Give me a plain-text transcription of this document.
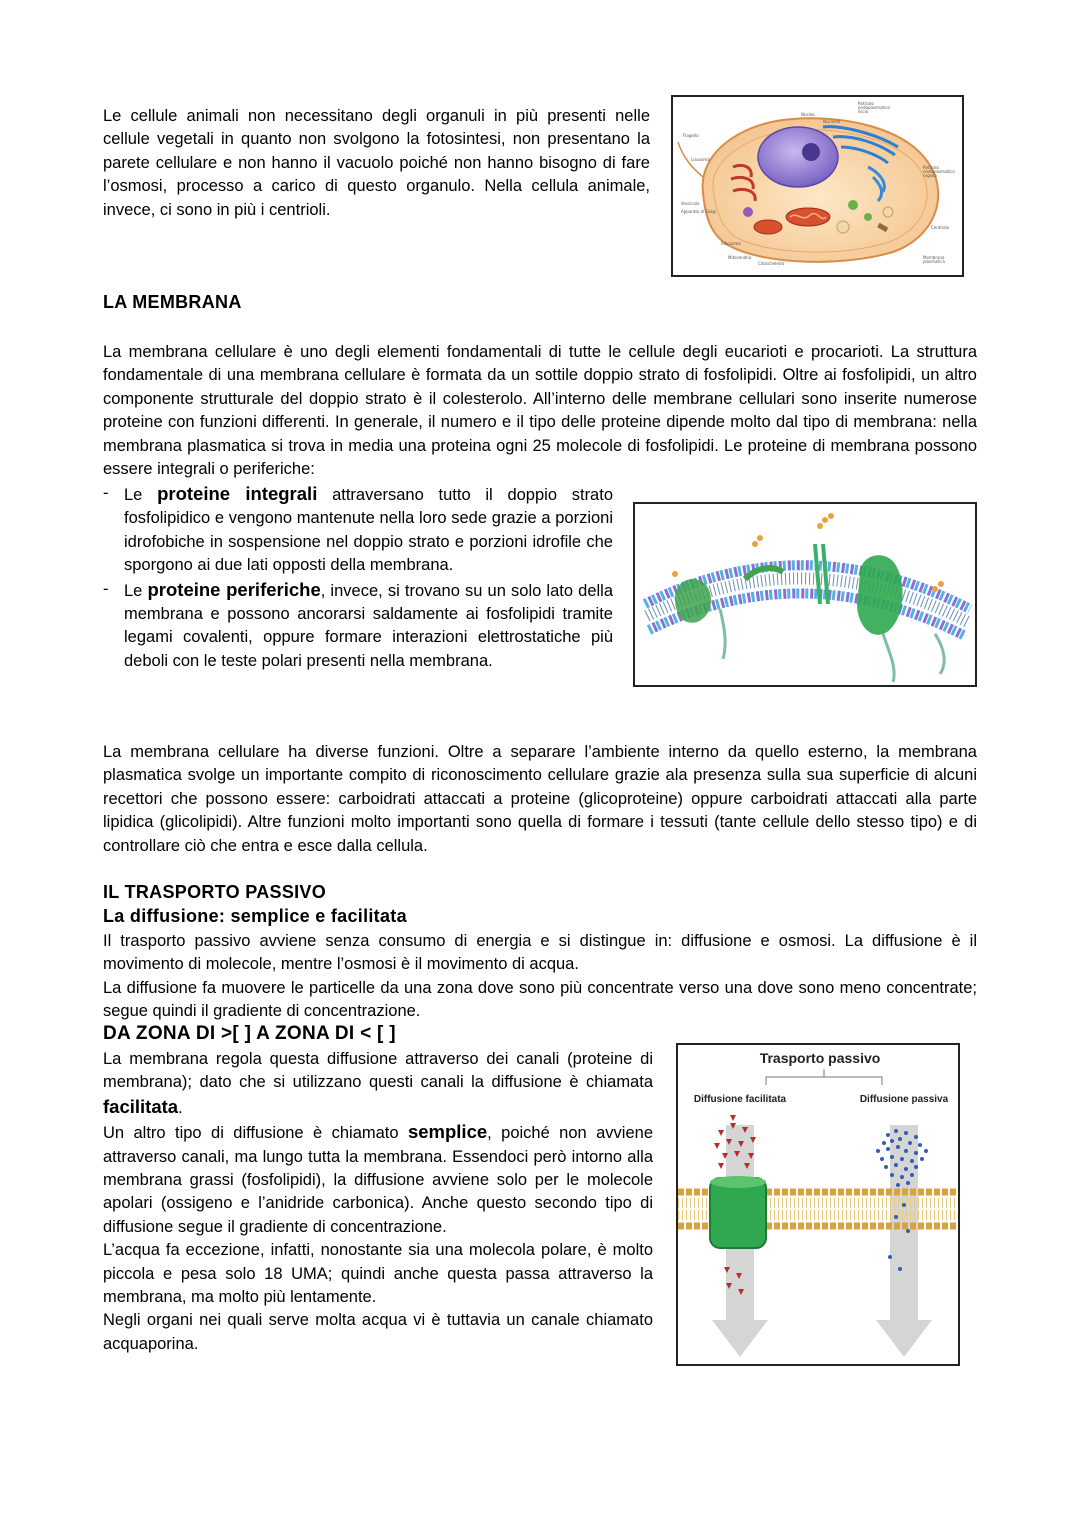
Le cellule animali non necessitano degli organuli in più presenti nelle cellule vegetali in quanto non svolgono la fotosintesi, non presentano la parete cellulare e non hanno il vacuolo poiché non hanno bisogno di fare l’osmosi, processo a carico di questo organulo. Nella cellula animale, invece, ci sono in più i centrioli.

Nucleo
Nucleolo
Reticolo
endoplasmatico
liscio
Flagello
Lisosoma
Reticolo
endoplasmatico
rugoso
Vescicola
Apparato di Golgi
Centriolo
Ribosoma
Mitocondrio
Citoscheletro
Membrana
plasmatica
LA MEMBRANA

La membrana cellulare è uno degli elementi fondamentali di tutte le cellule degli eucarioti e procarioti. La struttura fondamentale di una membrana cellulare è formata da un sottile doppio strato di fosfolipidi. Oltre ai fosfolipidi, un altro componente strutturale del doppio strato è il colesterolo. All’interno delle membrane cellulari sono inserite numerose proteine con funzioni differenti. In generale, il numero e il tipo delle proteine dipende molto dal tipo di membrana: nella membrana plasmatica si trova in media una proteina ogni 25 molecole di fosfolipidi. Le proteine di membrana possono essere integrali o periferiche:

- Le proteine integrali attraversano tutto il doppio strato fosfolipidico e vengono mantenute nella loro sede grazie a porzioni idrofobiche in sospensione nel doppio strato e porzioni idrofile che sporgono ai due lati opposti della membrana.
- Le proteine periferiche, invece, si trovano su un solo lato della membrana e possono ancorarsi saldamente ai fosfolipidi tramite legami covalenti, oppure formare interazioni elettrostatiche più deboli con le teste polari presenti nella membrana.

La membrana cellulare ha diverse funzioni. Oltre a separare l’ambiente interno da quello esterno, la membrana plasmatica svolge un importante compito di riconoscimento cellulare grazie ala presenza sulla sua superficie di alcuni recettori che possono essere: carboidrati attaccati a proteine (glicoproteine) oppure carboidrati attaccati alla parte lipidica (glicolipidi). Altre funzioni molto importanti sono quella di formare i tessuti (tante cellule dello stesso tipo) e di controllare ciò che entra e esce dalla cellula.

IL TRASPORTO PASSIVO
La diffusione: semplice e facilitata

Il trasporto passivo avviene senza consumo di energia e si distingue in: diffusione e osmosi. La diffusione è il movimento di molecole, mentre l’osmosi è il movimento di acqua.

La diffusione fa muovere le particelle da una zona dove sono più concentrate verso una dove sono meno concentrate; segue quindi il gradiente di concentrazione.

DA ZONA DI >[ ] A ZONA DI < [ ]

La membrana regola questa diffusione attraverso dei canali (proteine di membrana); dato che si utilizzano questi canali la diffusione è chiamata facilitata.

Un altro tipo di diffusione è chiamato semplice, poiché non avviene attraverso canali, ma lungo tutta la membrana. Essendoci però intorno alla membrana grassi (fosfolipidi), la diffusione avviene solo per le molecole apolari (ossigeno e l’anidride carbonica). Anche questo secondo tipo di diffusione segue il gradiente di concentrazione.

L’acqua fa eccezione, infatti, nonostante sia una molecola polare, è molto piccola e pesa solo 18 UMA; quindi anche questa passa attraverso la membrana, ma molto più lentamente.

Negli organi nei quali serve molta acqua vi è tuttavia un canale chiamato acquaporina.

Trasporto passivo
Diffusione facilitata	Diffusione passiva
